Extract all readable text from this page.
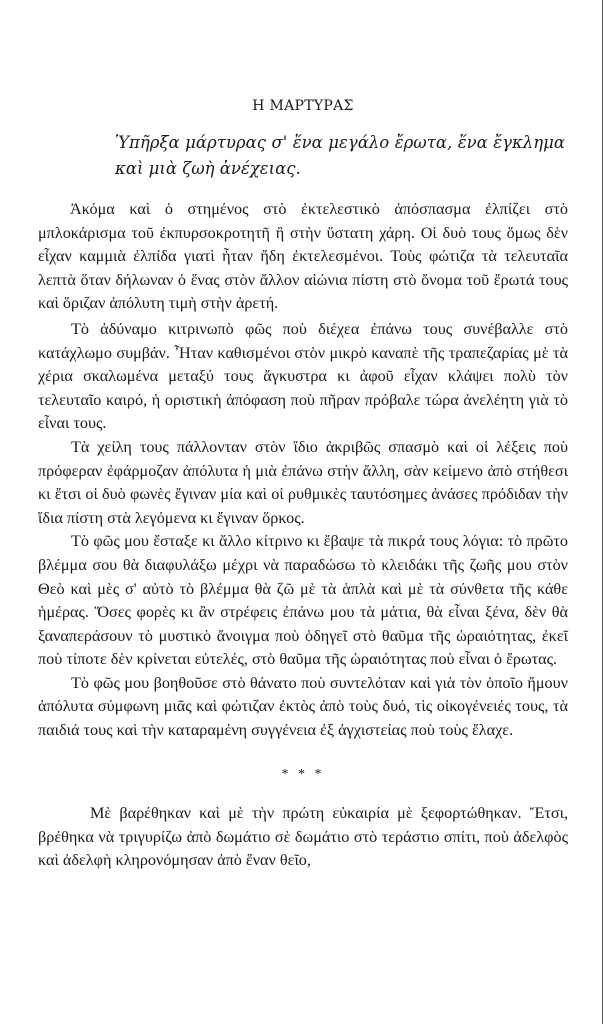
Η ΜΑΡΤΥΡΑΣ
Ὑπῆρξα μάρτυρας σ' ἕνα μεγάλο ἔρωτα, ἕνα ἔγκλημα καὶ μιὰ ζωὴ ἀνέχειας.

Ἀκόμα καὶ ὁ στημένος στὸ ἐκτελεστικὸ ἀπόσπασμα ἐλπίζει στὸ μπλοκάρισμα τοῦ ἐκπυρσοκροτητῆ ἢ στὴν ὕστατη χάρη. Οἱ δυὸ τους ὅμως δὲν εἶχαν καμμιὰ ἐλπίδα γιατὶ ἦταν ἤδη ἐκτελεσμένοι. Τοὺς φώτιζα τὰ τελευταῖα λεπτὰ ὅταν δήλωναν ὁ ἕνας στὸν ἄλλον αἰώνια πίστη στὸ ὄνομα τοῦ ἔρωτά τους καὶ ὅριζαν ἀπόλυτη τιμὴ στὴν ἀρετή.

Τὸ ἀδύναμο κιτρινωπὸ φῶς ποὺ διέχεα ἐπάνω τους συνέβαλλε στὸ κατάχλωμο συμβάν. Ἦταν καθισμένοι στὸν μικρὸ καναπὲ τῆς τραπεζαρίας μὲ τὰ χέρια σκαλωμένα μεταξύ τους ἄγκυστρα κι ἀφοῦ εἶχαν κλάψει πολὺ τὸν τελευταῖο καιρό, ἡ οριστικὴ ἀπόφαση ποὺ πῆραν πρόβαλε τώρα ἀνελέητη γιὰ τὸ εἶναι τους.

Τὰ χείλη τους πάλλονταν στὸν ἴδιο ἀκριβῶς σπασμὸ καὶ οἱ λέξεις ποὺ πρόφεραν ἐφάρμοζαν ἀπόλυτα ἡ μιὰ ἐπάνω στὴν ἄλλη, σὰν κείμενο ἀπὸ στήθεσι κι ἔτσι οἱ δυὸ φωνὲς ἔγιναν μία καὶ οἱ ρυθμικὲς ταυτόσημες ἀνάσες πρόδιδαν τὴν ἴδια πίστη στὰ λεγόμενα κι ἔγιναν ὅρκος.

Τὸ φῶς μου ἔσταξε κι ἄλλο κίτρινο κι ἔβαψε τὰ πικρά τους λόγια: τὸ πρῶτο βλέμμα σου θὰ διαφυλάξω μέχρι νὰ παραδώσω τὸ κλειδάκι τῆς ζωῆς μου στὸν Θεὸ καὶ μὲς σ' αὐτὸ τὸ βλέμμα θὰ ζῶ μὲ τὰ ἁπλὰ καὶ μὲ τὰ σύνθετα τῆς κάθε ἡμέρας. Ὅσες φορὲς κι ἂν στρέφεις ἐπάνω μου τὰ μάτια, θὰ εἶναι ξένα, δὲν θὰ ξαναπεράσουν τὸ μυστικὸ ἄνοιγμα ποὺ ὁδηγεῖ στὸ θαῦμα τῆς ὡραιότητας, ἐκεῖ ποὺ τίποτε δὲν κρίνεται εὐτελές, στὸ θαῦμα τῆς ὡραιότητας ποὺ εἶναι ὁ ἔρωτας.

Τὸ φῶς μου βοηθοῦσε στὸ θάνατο ποὺ συντελόταν καὶ γιὰ τὸν ὁποῖο ἤμουν ἀπόλυτα σύμφωνη μιᾶς καὶ φώτιζαν ἐκτὸς ἀπὸ τοὺς δυό, τὶς οἰκογένειές τους, τὰ παιδιά τους καὶ τὴν καταραμένη συγγένεια ἐξ ἀγχιστείας ποὺ τοὺς ἔλαχε.

* * *

Μὲ βαρέθηκαν καὶ μὲ τὴν πρώτη εὐκαιρία μὲ ξεφορτώθηκαν. Ἔτσι, βρέθηκα νὰ τριγυρίζω ἀπὸ δωμάτιο σὲ δωμάτιο στὸ τεράστιο σπίτι, ποὺ ἀδελφὸς καὶ ἀδελφὴ κληρονόμησαν ἀπὸ ἕναν θεῖο,
